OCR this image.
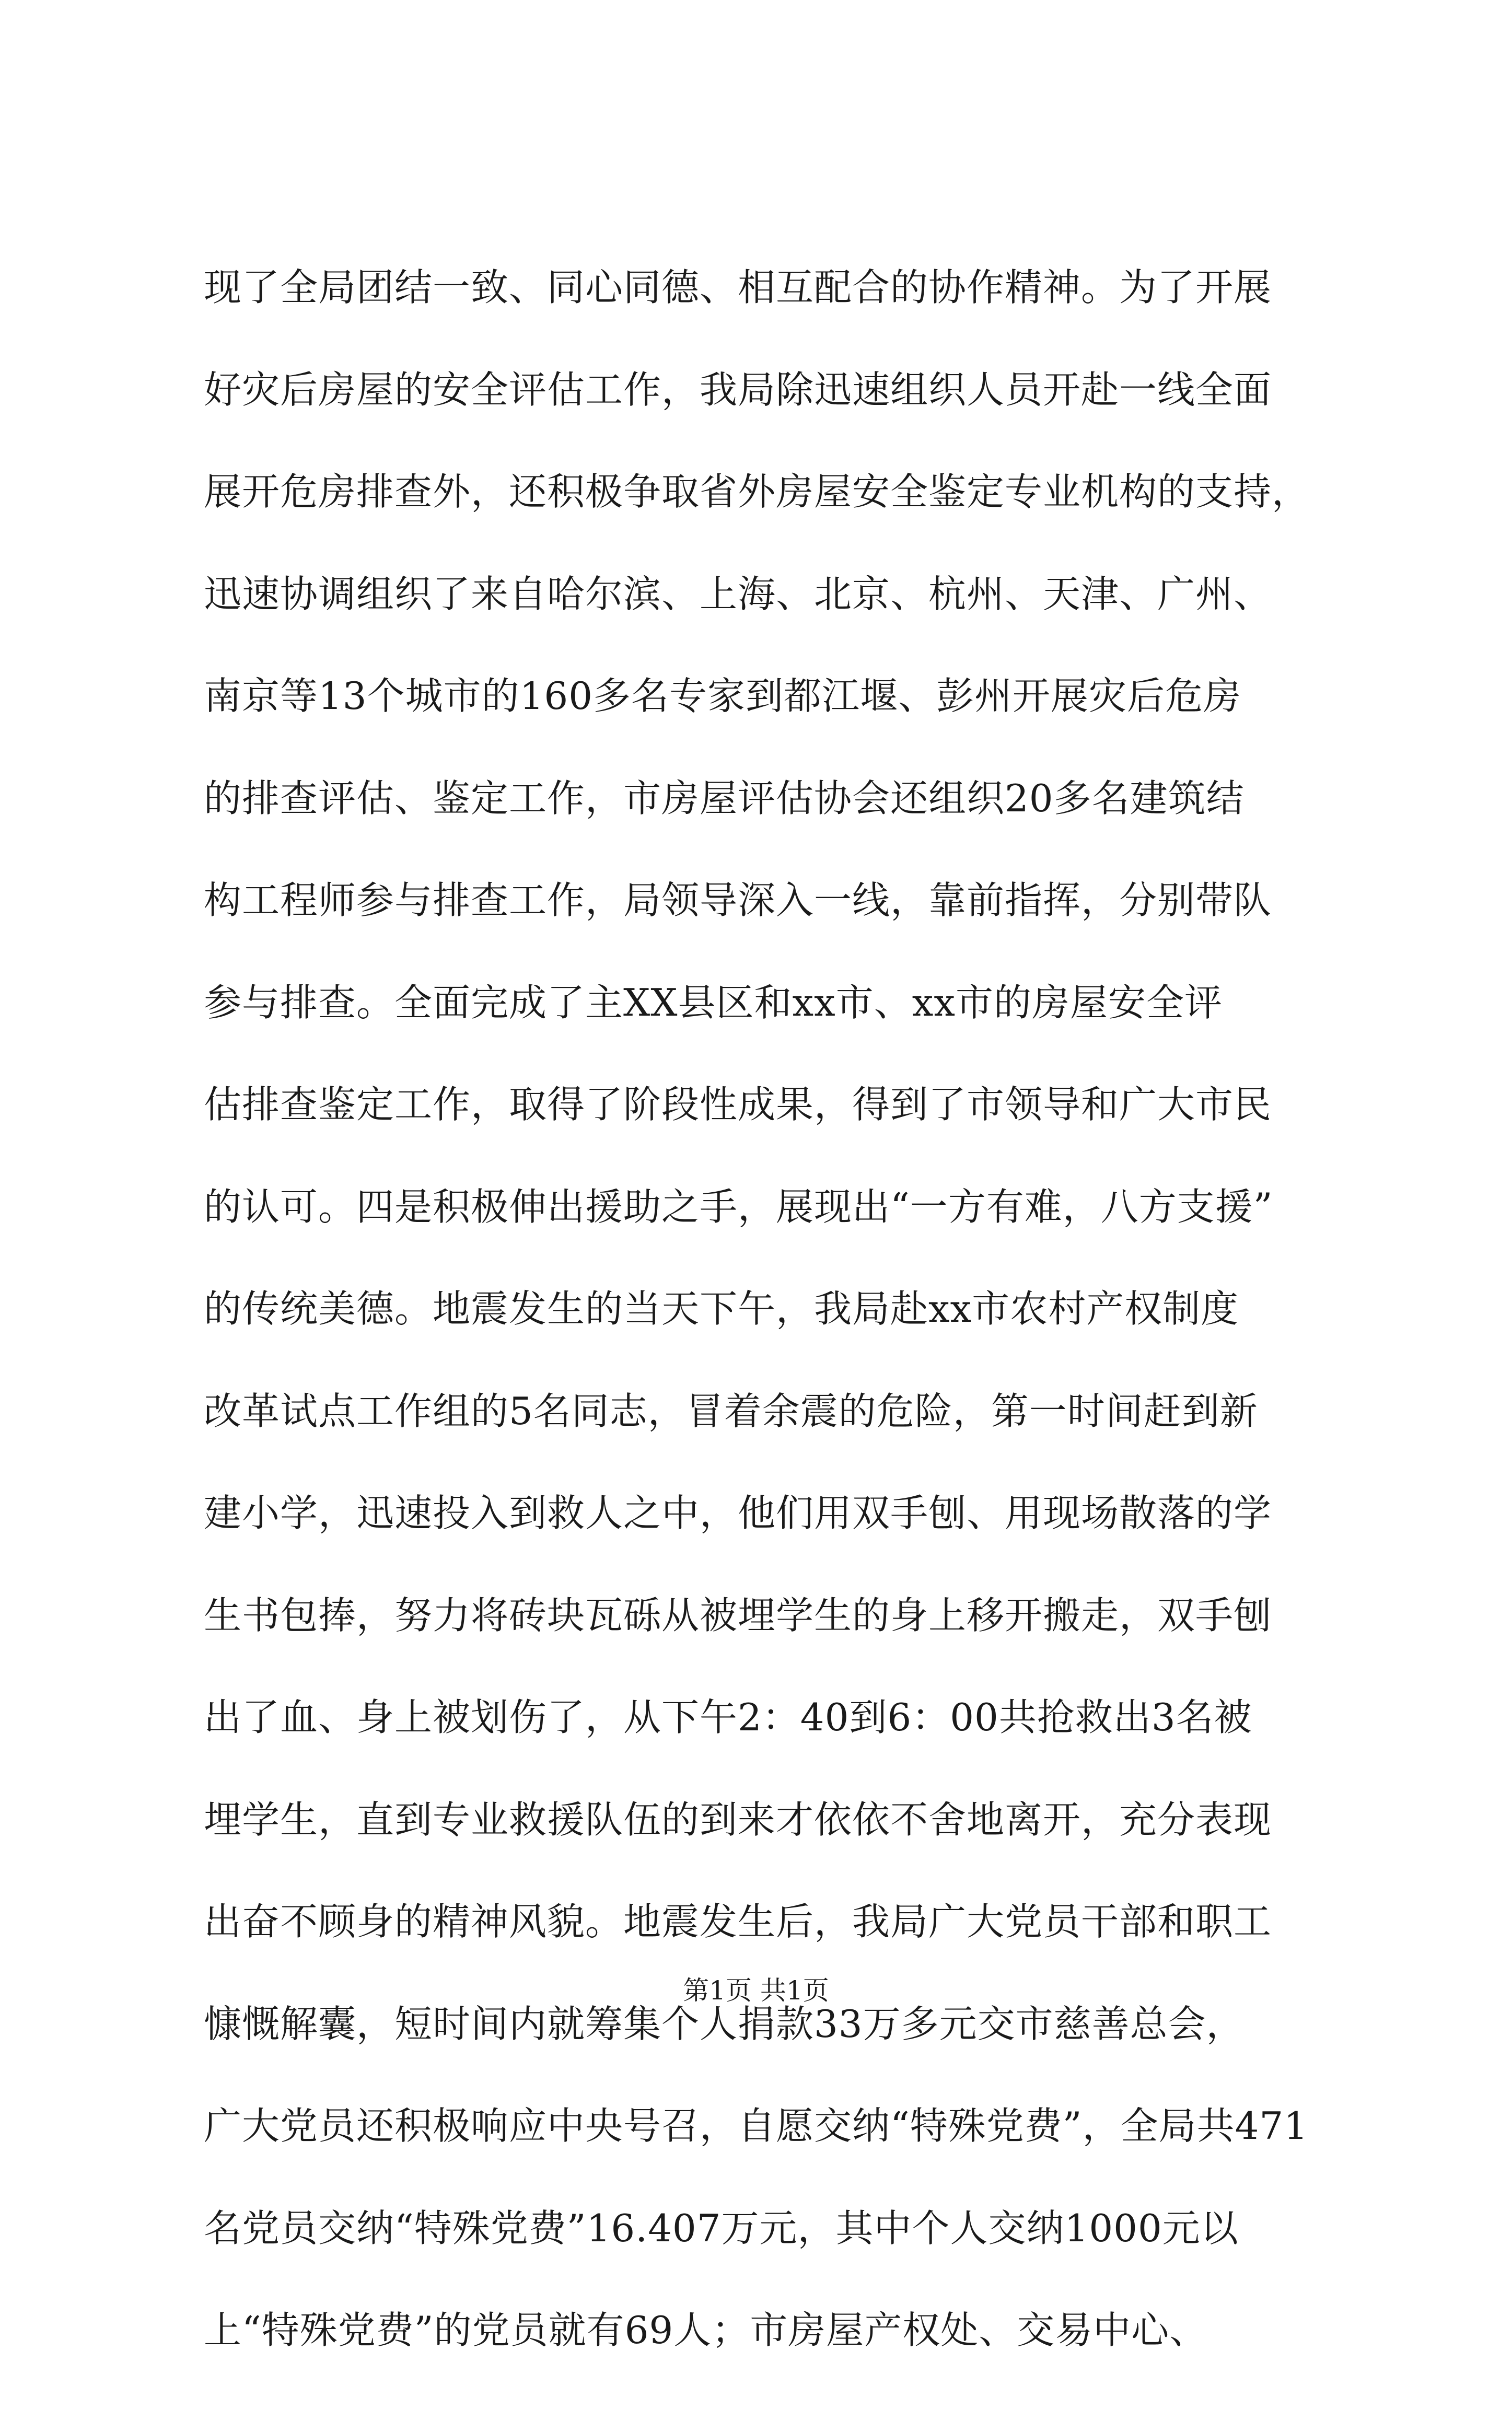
现了全局团结一致、同心同德、相互配合的协作精神。为了开展
好灾后房屋的安全评估工作，我局除迅速组织人员开赴一线全面
展开危房排查外，还积极争取省外房屋安全鉴定专业机构的支持，
迅速协调组织了来自哈尔滨、上海、北京、杭州、天津、广州、
南京等13个城市的160多名专家到都江堰、彭州开展灾后危房
的排查评估、鉴定工作，市房屋评估协会还组织20多名建筑结
构工程师参与排查工作，局领导深入一线，靠前指挥，分别带队
参与排查。全面完成了主XX县区和xx市、xx市的房屋安全评
估排查鉴定工作，取得了阶段性成果，得到了市领导和广大市民
的认可。四是积极伸出援助之手，展现出“一方有难，八方支援”
的传统美德。地震发生的当天下午，我局赴xx市农村产权制度
改革试点工作组的5名同志，冒着余震的危险，第一时间赶到新
建小学，迅速投入到救人之中，他们用双手刨、用现场散落的学
生书包捧，努力将砖块瓦砾从被埋学生的身上移开搬走，双手刨
出了血、身上被划伤了，从下午2：40到6：00共抢救出3名被
埋学生，直到专业救援队伍的到来才依依不舍地离开，充分表现
出奋不顾身的精神风貌。地震发生后，我局广大党员干部和职工
慷慨解囊，短时间内就筹集个人捐款33万多元交市慈善总会，
广大党员还积极响应中央号召，自愿交纳“特殊党费”，全局共471
名党员交纳“特殊党费”16.407万元，其中个人交纳1000元以
上“特殊党费”的党员就有69人；市房屋产权处、交易中心、
第1页 共1页
